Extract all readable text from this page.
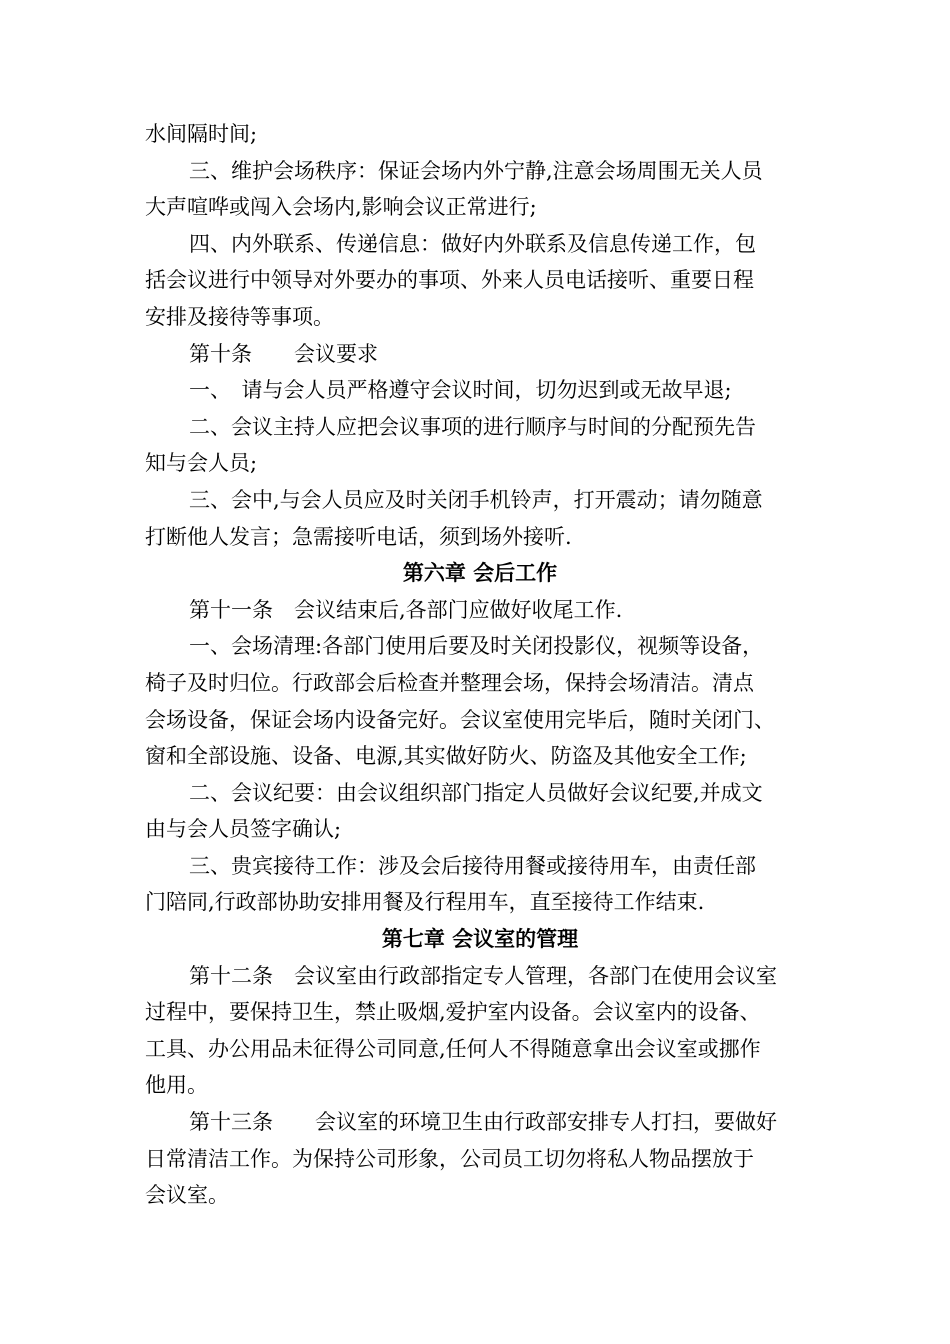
水间隔时间;
三、维护会场秩序：保证会场内外宁静,注意会场周围无关人员
大声喧哗或闯入会场内,影响会议正常进行;
四、内外联系、传递信息：做好内外联系及信息传递工作，包
括会议进行中领导对外要办的事项、外来人员电话接听、重要日程
安排及接待等事项。
第十条　　会议要求
一、　请与会人员严格遵守会议时间，切勿迟到或无故早退;
二、会议主持人应把会议事项的进行顺序与时间的分配预先告
知与会人员;
三、会中,与会人员应及时关闭手机铃声，打开震动；请勿随意
打断他人发言；急需接听电话，须到场外接听.
第六章 会后工作
第十一条　会议结束后,各部门应做好收尾工作.
一、会场清理:各部门使用后要及时关闭投影仪，视频等设备，
椅子及时归位。行政部会后检查并整理会场，保持会场清洁。清点
会场设备，保证会场内设备完好。会议室使用完毕后，随时关闭门、
窗和全部设施、设备、电源,其实做好防火、防盗及其他安全工作;
二、会议纪要：由会议组织部门指定人员做好会议纪要,并成文
由与会人员签字确认;
三、贵宾接待工作：涉及会后接待用餐或接待用车，由责任部
门陪同,行政部协助安排用餐及行程用车，直至接待工作结束.
第七章 会议室的管理
第十二条　会议室由行政部指定专人管理，各部门在使用会议室
过程中，要保持卫生，禁止吸烟,爱护室内设备。会议室内的设备、
工具、办公用品未征得公司同意,任何人不得随意拿出会议室或挪作
他用。
第十三条　　会议室的环境卫生由行政部安排专人打扫，要做好
日常清洁工作。为保持公司形象，公司员工切勿将私人物品摆放于
会议室。
